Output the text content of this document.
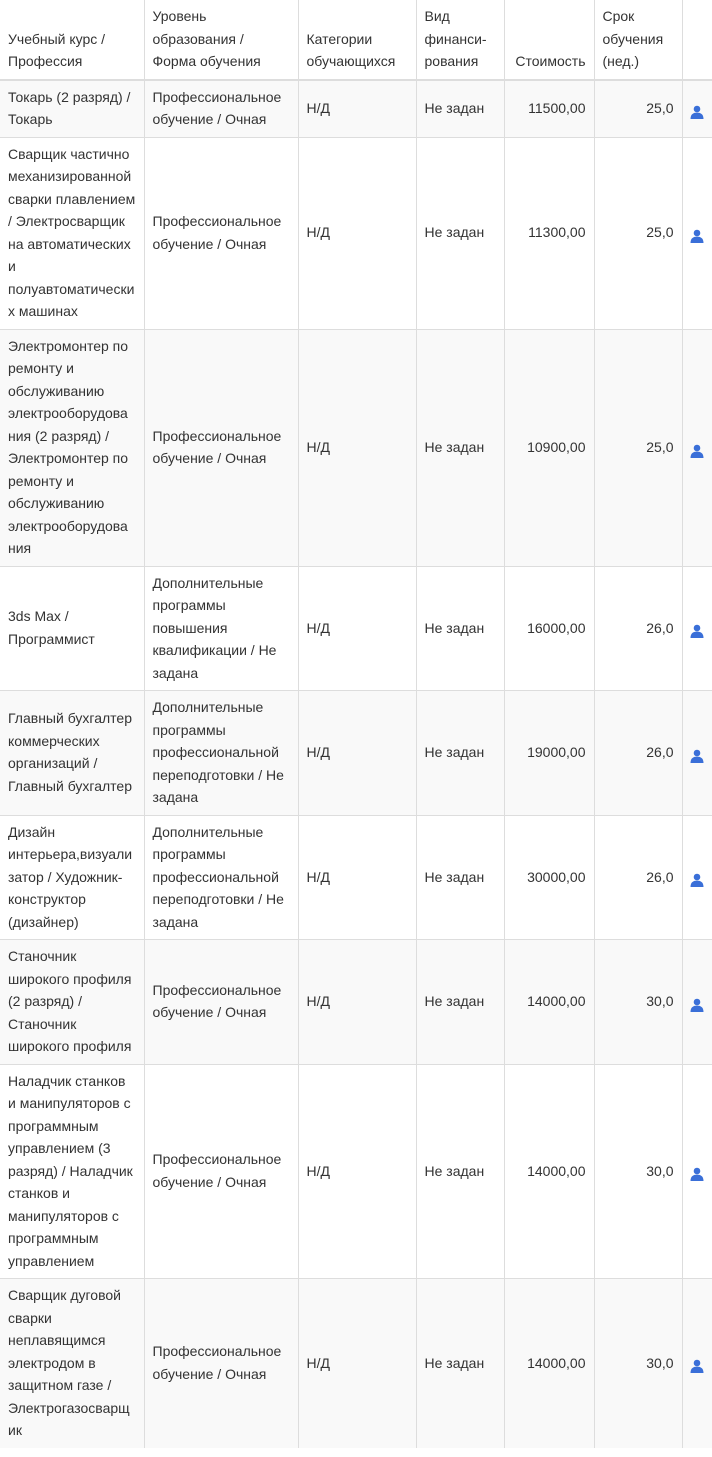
Учебный курс / Профессия	Уровень образования / Форма обучения	Категории обучающихся	Вид финанси-рования	Стоимость	Срок обучения (нед.)	
Токарь (2 разряд) / Токарь	Профессиональное обучение / Очная	Н/Д	Не задан	11500,00	25,0	
Сварщик частично механизированной сварки плавлением / Электросварщик на автоматических и полуавтоматических машинах	Профессиональное обучение / Очная	Н/Д	Не задан	11300,00	25,0	
Электромонтер по ремонту и обслуживанию электрооборудования (2 разряд) / Электромонтер по ремонту и обслуживанию электрооборудования	Профессиональное обучение / Очная	Н/Д	Не задан	10900,00	25,0	
3ds Max / Программист	Дополнительные программы повышения квалификации / Не задана	Н/Д	Не задан	16000,00	26,0	
Главный бухгалтер коммерческих организаций / Главный бухгалтер	Дополнительные программы профессиональной переподготовки / Не задана	Н/Д	Не задан	19000,00	26,0	
Дизайн интерьера,визуализатор / Художник-конструктор (дизайнер)	Дополнительные программы профессиональной переподготовки / Не задана	Н/Д	Не задан	30000,00	26,0	
Станочник широкого профиля (2 разряд) / Станочник широкого профиля	Профессиональное обучение / Очная	Н/Д	Не задан	14000,00	30,0	
Наладчик станков и манипуляторов с программным управлением (3 разряд) / Наладчик станков и манипуляторов с программным управлением	Профессиональное обучение / Очная	Н/Д	Не задан	14000,00	30,0	
Сварщик дуговой сварки неплавящимся электродом в защитном газе / Электрогазосварщик	Профессиональное обучение / Очная	Н/Д	Не задан	14000,00	30,0	
